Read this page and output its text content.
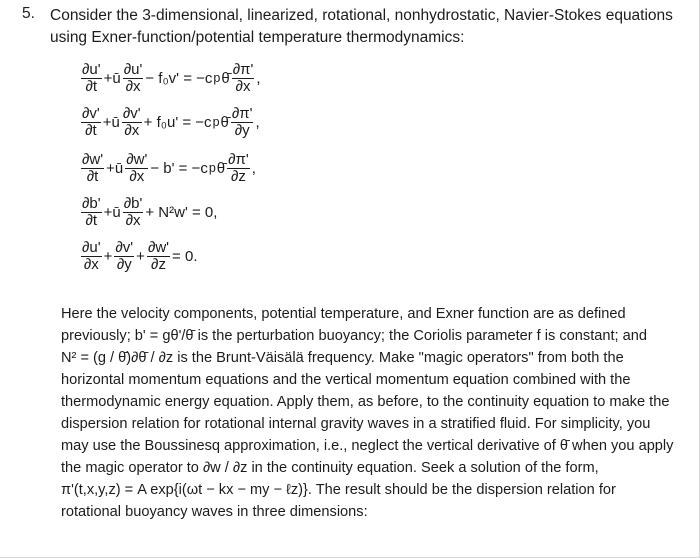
5. Consider the 3-dimensional, linearized, rotational, nonhydrostatic, Navier-Stokes equations
using Exner-function/potential temperature thermodynamics:
$\frac{\partial u'}{\partial t}$ +ū $\frac{\partial u'}{\partial x} - f_0v' = -c$ p θ̄ $\frac{\partial\pi'}{\partial x}$ ,
$\frac{\partial v'}{\partial t}$ +ū $\frac{\partial v'}{\partial x} + f_0u' = -c$ p θ̄ $\frac{\partial\pi'}{\partial y}$ ,
$\frac{\partial w'}{\partial t}$ +ū $\frac{\partial w'}{\partial x} - b' = -c$ p θ̄ $\frac{\partial\pi'}{\partial z}$ ,
$\frac{\partial b'}{\partial t}$ +ū $\frac{\partial b'}{\partial x} + N^2w' = 0$,
$\frac{\partial u'}{\partial x} + \frac{\partial v'}{\partial y} + \frac{\partial w'}{\partial z} = 0$.
Here the velocity components, potential temperature, and Exner function are as defined
previously; b' = gθ'/θ̄ is the perturbation buoyancy; the Coriolis parameter f is constant; and
N² = (g / θ̄)∂θ̄ / ∂z is the Brunt-Väisälä frequency. Make "magic operators" from both the
horizontal momentum equations and the vertical momentum equation combined with the
thermodynamic energy equation. Apply them, as before, to the continuity equation to make the
dispersion relation for rotational internal gravity waves in a stratified fluid. For simplicity, you
may use the Boussinesq approximation, i.e., neglect the vertical derivative of θ̄ when you apply
the magic operator to ∂w / ∂z in the continuity equation. Seek a solution of the form,
π'(t,x,y,z) = A exp{i(ωt − kx − my − ℓz)}. The result should be the dispersion relation for
rotational buoyancy waves in three dimensions:
